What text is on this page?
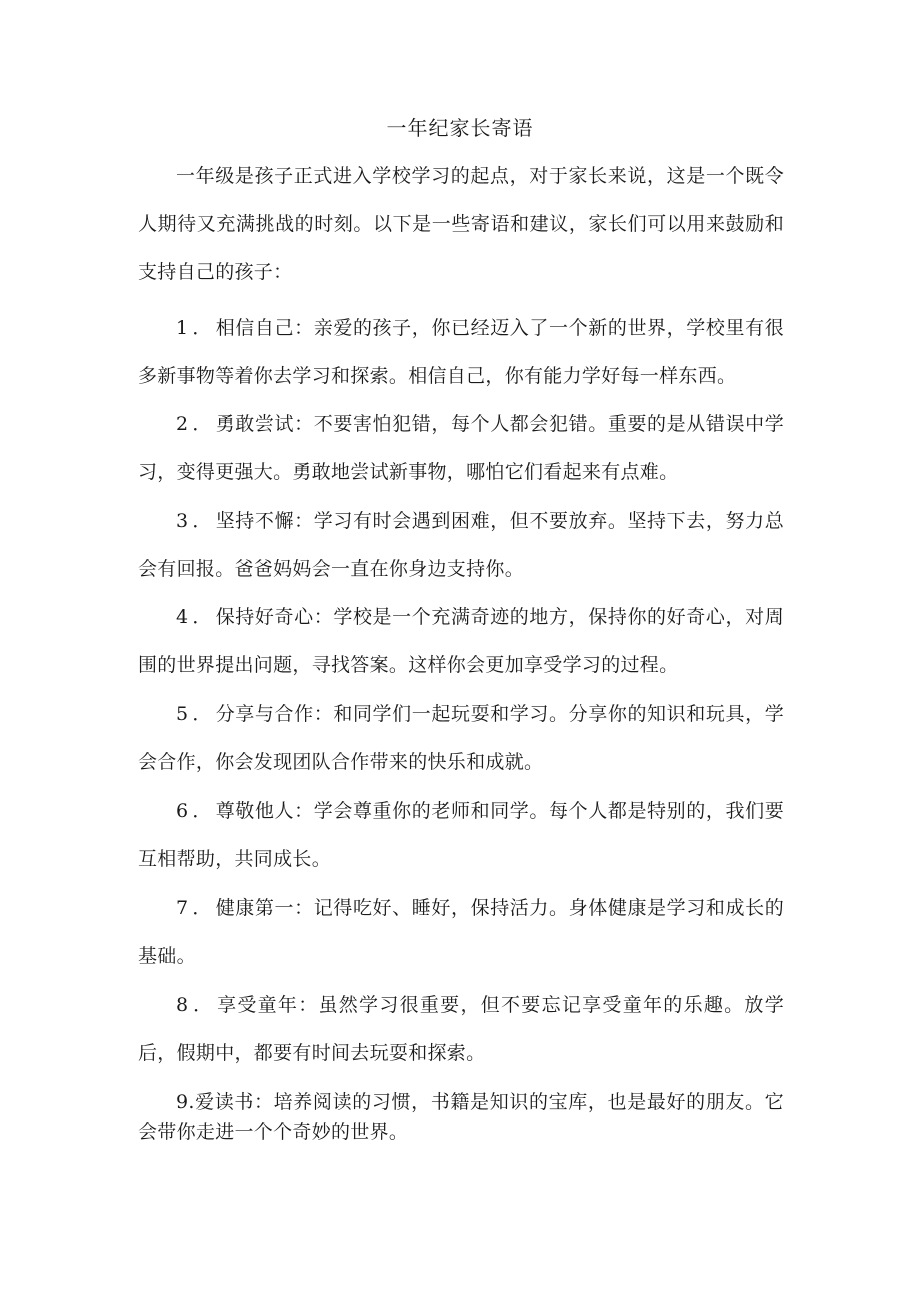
一年纪家长寄语

一年级是孩子正式进入学校学习的起点，对于家长来说，这是一个既令人期待又充满挑战的时刻。以下是一些寄语和建议，家长们可以用来鼓励和支持自己的孩子：

1．相信自己：亲爱的孩子，你已经迈入了一个新的世界，学校里有很多新事物等着你去学习和探索。相信自己，你有能力学好每一样东西。

2．勇敢尝试：不要害怕犯错，每个人都会犯错。重要的是从错误中学习，变得更强大。勇敢地尝试新事物，哪怕它们看起来有点难。

3．坚持不懈：学习有时会遇到困难，但不要放弃。坚持下去，努力总会有回报。爸爸妈妈会一直在你身边支持你。

4．保持好奇心：学校是一个充满奇迹的地方，保持你的好奇心，对周围的世界提出问题，寻找答案。这样你会更加享受学习的过程。

5．分享与合作：和同学们一起玩耍和学习。分享你的知识和玩具，学会合作，你会发现团队合作带来的快乐和成就。

6．尊敬他人：学会尊重你的老师和同学。每个人都是特别的，我们要互相帮助，共同成长。

7．健康第一：记得吃好、睡好，保持活力。身体健康是学习和成长的基础。

8．享受童年：虽然学习很重要，但不要忘记享受童年的乐趣。放学后，假期中，都要有时间去玩耍和探索。

9.爱读书：培养阅读的习惯，书籍是知识的宝库，也是最好的朋友。它会带你走进一个个奇妙的世界。
